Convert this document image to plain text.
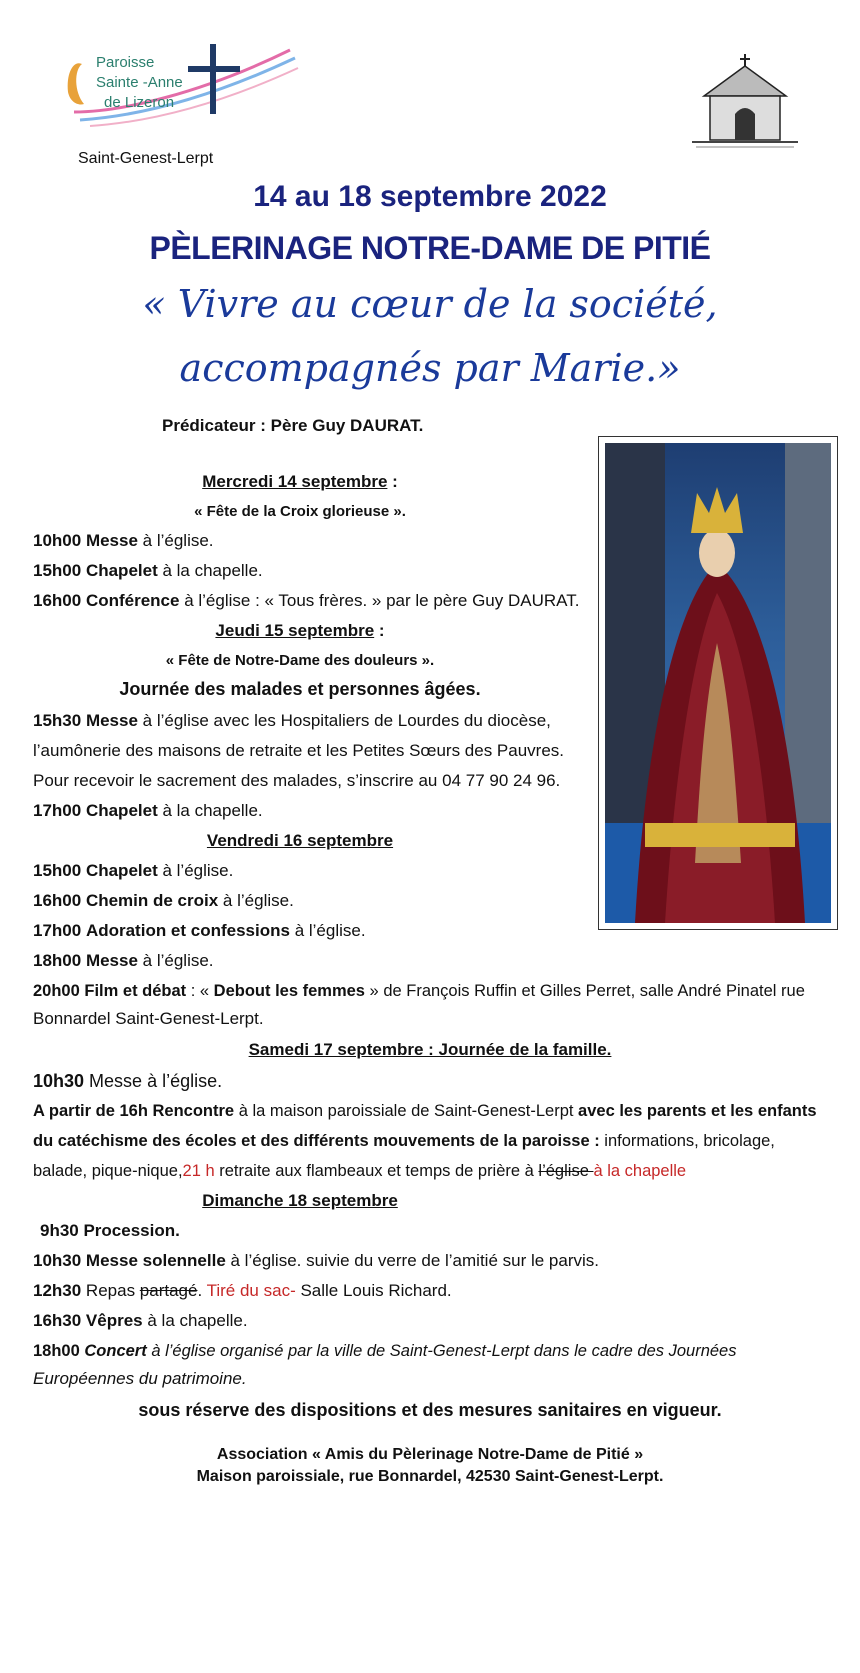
Paroisse
Sainte -Anne
de Lizeron
Saint-Genest-Lerpt
14 au 18 septembre 2022
PÈLERINAGE NOTRE-DAME DE PITIÉ
« Vivre au cœur de la société,
accompagnés par Marie.»
Prédicateur : Père Guy DAURAT.
Mercredi 14 septembre :
« Fête de la Croix glorieuse ».
10h00 Messe à l’église.
15h00 Chapelet à la chapelle.
16h00 Conférence à l’église : « Tous frères. » par le père Guy DAURAT.
Jeudi 15 septembre :
« Fête de Notre-Dame des douleurs ».
Journée des malades et personnes âgées.
15h30 Messe à l’église avec les Hospitaliers de Lourdes du diocèse,
l’aumônerie des maisons de retraite et les Petites Sœurs des Pauvres.
Pour recevoir le sacrement des malades, s’inscrire au 04 77 90 24 96.
17h00 Chapelet à la chapelle.
Vendredi 16 septembre
15h00 Chapelet à l’église.
16h00 Chemin de croix à l’église.
17h00 Adoration et confessions à l’église.
18h00 Messe à l’église.
20h00 Film et débat : « Debout les femmes » de François Ruffin et Gilles Perret, salle André Pinatel rue
Bonnardel Saint-Genest-Lerpt.
Samedi 17 septembre : Journée de la famille.
10h30 Messe à l’église.
A partir de 16h Rencontre à la maison paroissiale de Saint-Genest-Lerpt avec les parents et les enfants
du catéchisme des écoles et des différents mouvements de la paroisse : informations, bricolage,
balade, pique-nique,21 h retraite aux flambeaux et temps de prière à l’église à la chapelle
Dimanche 18 septembre
9h30 Procession.
10h30 Messe solennelle à l’église. suivie du verre de l’amitié sur le parvis.
12h30 Repas partagé. Tiré du sac- Salle Louis Richard.
16h30 Vêpres à la chapelle.
18h00 Concert à l’église organisé par la ville de Saint-Genest-Lerpt dans le cadre des Journées
Européennes du patrimoine.
sous réserve des dispositions et des mesures sanitaires en vigueur.
Association « Amis du Pèlerinage Notre-Dame de Pitié »
Maison paroissiale, rue Bonnardel, 42530 Saint-Genest-Lerpt.
